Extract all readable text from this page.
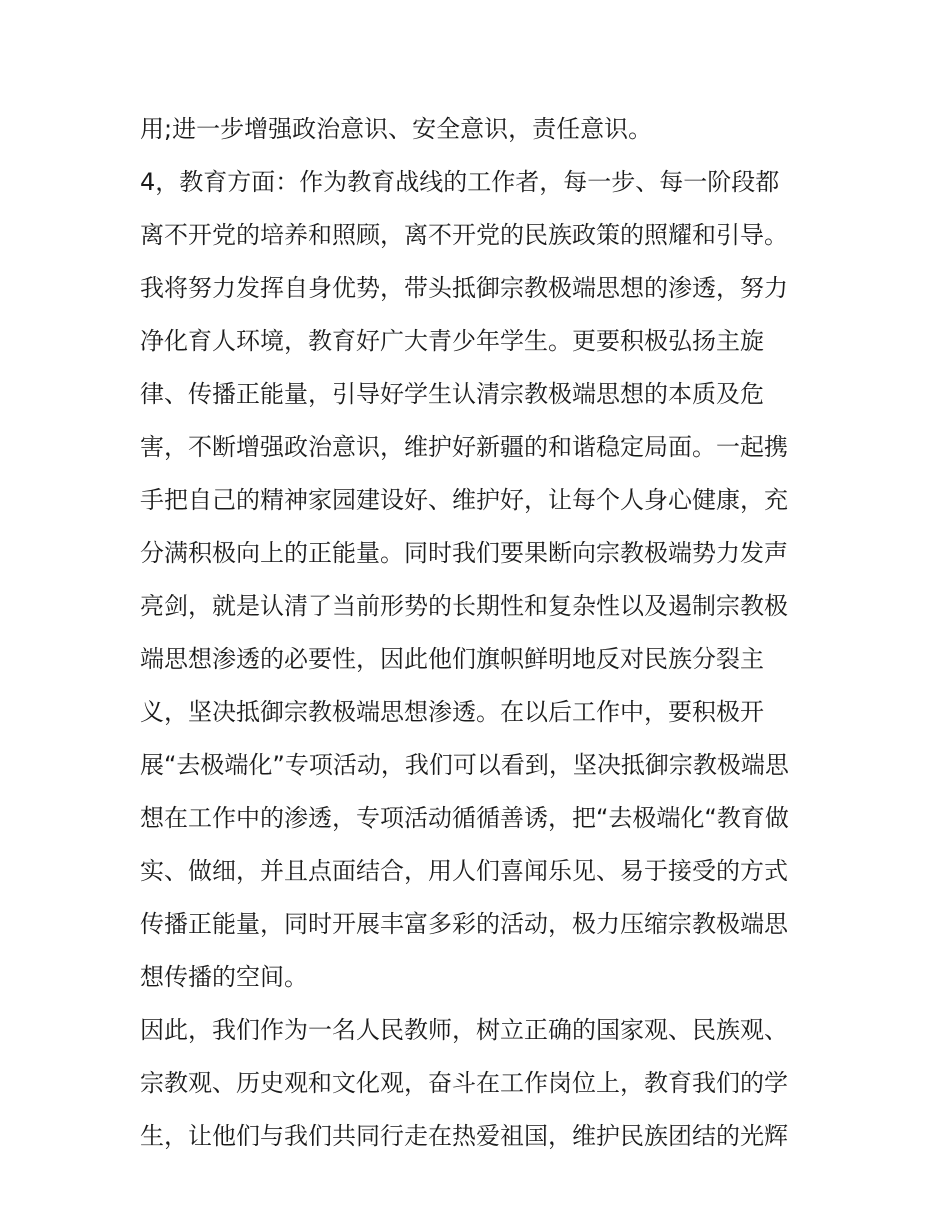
用;进一步增强政治意识、安全意识，责任意识。
4，教育方面：作为教育战线的工作者，每一步、每一阶段都
离不开党的培养和照顾，离不开党的民族政策的照耀和引导。
我将努力发挥自身优势，带头抵御宗教极端思想的渗透，努力
净化育人环境，教育好广大青少年学生。更要积极弘扬主旋
律、传播正能量，引导好学生认清宗教极端思想的本质及危
害，不断增强政治意识，维护好新疆的和谐稳定局面。一起携
手把自己的精神家园建设好、维护好，让每个人身心健康，充
分满积极向上的正能量。同时我们要果断向宗教极端势力发声
亮剑，就是认清了当前形势的长期性和复杂性以及遏制宗教极
端思想渗透的必要性，因此他们旗帜鲜明地反对民族分裂主
义，坚决抵御宗教极端思想渗透。在以后工作中，要积极开
展“去极端化”专项活动，我们可以看到，坚决抵御宗教极端思
想在工作中的渗透，专项活动循循善诱，把“去极端化“教育做
实、做细，并且点面结合，用人们喜闻乐见、易于接受的方式
传播正能量，同时开展丰富多彩的活动，极力压缩宗教极端思
想传播的空间。
因此，我们作为一名人民教师，树立正确的国家观、民族观、
宗教观、历史观和文化观，奋斗在工作岗位上，教育我们的学
生，让他们与我们共同行走在热爱祖国，维护民族团结的光辉
